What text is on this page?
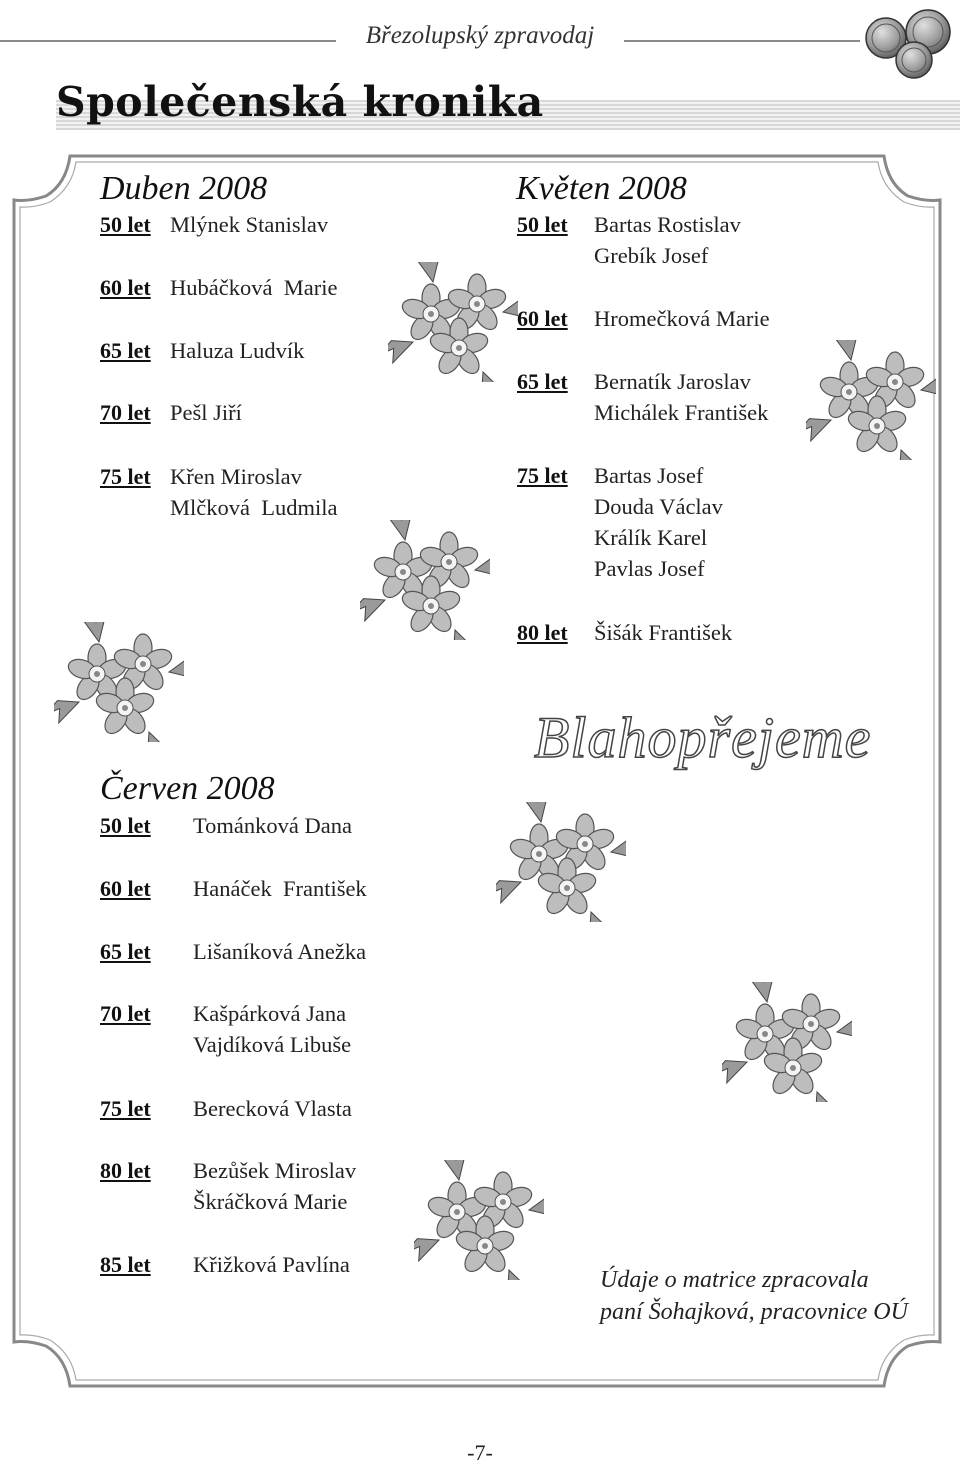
Březolupský zpravodaj
Společenská kronika
Duben 2008
50 let Mlýnek Stanislav
60 let Hubáčková  Marie
65 let Haluza Ludvík
70 let Pešl Jiří
75 let Křen Miroslav
Mlčková  Ludmila
Květen 2008
50 let Bartas Rostislav
Grebík Josef
60 let Hromečková Marie
65 let Bernatík Jaroslav
Michálek František
75 let Bartas Josef
Douda Václav
Králík Karel
Pavlas Josef
80 let Šišák František
Blahopřejeme
Červen 2008
50 let Tománková Dana
60 let Hanáček  František
65 let Lišaníková Anežka
70 let Kašpárková Jana
Vajdíková Libuše
75 let Berecková Vlasta
80 let Bezůšek Miroslav
Škráčková Marie
85 let Křižková Pavlína
Údaje o matrice zpracovala
paní Šohajková, pracovnice OÚ
-7-
